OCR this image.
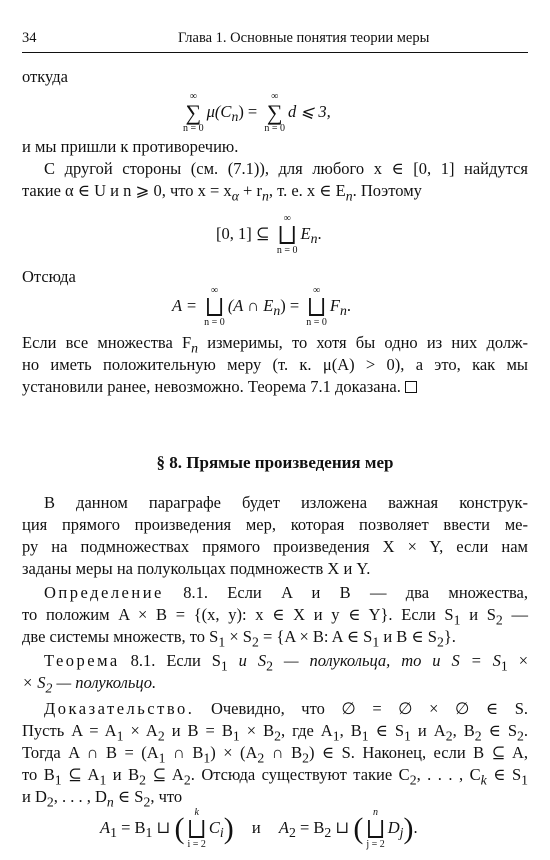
34	Глава 1. Основные понятия теории меры
откуда
∞
∑
n = 0
$\mu(C_n)$ =
∞
∑
n = 0
d ⩽ 3,
и мы пришли к противоречию.
С другой стороны (см. (7.1)), для любого x ∈ [0, 1] найдутся
такие α ∈ U и n ⩾ 0, что $x = x_\alpha + r_n$, т. е. x ∈ $E_n$. Поэтому
[0, 1] ⊆
∞
⨆
n = 0
$E_n$.
Отсюда
A =
∞
⨆
n = 0
(A ∩ $E_n$) =
∞
⨆
n = 0
$F_n$.
Если все множества $F_n$ измеримы, то хотя бы одно из них долж-
но иметь положительную меру (т. к. μ(A) > 0), а это, как мы
установили ранее, невозможно. Теорема 7.1 доказана.
§ 8. Прямые произведения мер
В данном параграфе будет изложена важная конструк-
ция прямого произведения мер, которая позволяет ввести ме-
ру на подмножествах прямого произведения X × Y, если нам
заданы меры на полукольцах подмножеств X и Y.
Определение 8.1. Если A и B — два множества,
то положим A × B = {(x, y): x ∈ X и y ∈ Y}. Если $S_1$ и $S_2$ —
две системы множеств, то $S_1 \times S_2 = \{A \times B$: A ∈ $S_1$ и B ∈ $S_2$}.
Теорема 8.1. Если $S_1$ и $S_2$ — полукольца, то и $S = S_1$ ×
× $S_2$ — полукольцо.
Доказательство. Очевидно, что ∅ = ∅ × ∅ ∈ S.
Пусть $A = A_1 \times A_2$ и $B = B_1 \times B_2$, где $A_1$, $B_1$ ∈ $S_1$ и $A_2$, $B_2$ ∈ $S_2$.
Тогда A ∩ $B = (A_1$ ∩ $B_1) \times (A_2$ ∩ $B_2$) ∈ S. Наконец, если B ⊆ A,
то $B_1$ ⊆ $A_1$ и $B_2$ ⊆ $A_2$. Отсюда существуют такие $C_2$, . . . , $C_k$ ∈ $S_1$
и $D_2$, . . . , $D_n$ ∈ $S_2$, что
$A_1 = B_1$ ⊔ ( k
⨆
i = 2
$C_i$) и $A_2 = B_2$ ⊔ ( n
⨆
j = 2
$D_j$).
